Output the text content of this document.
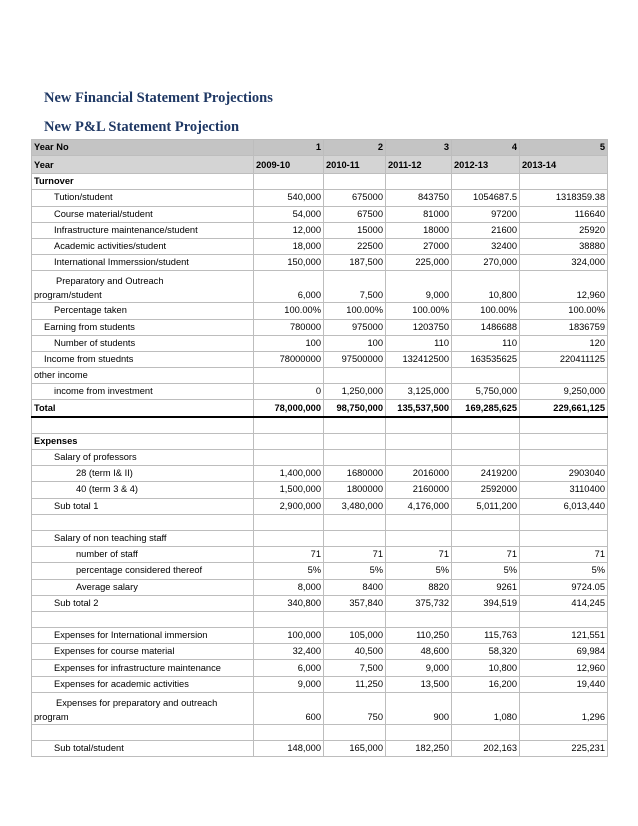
New Financial Statement Projections
New P&L Statement Projection
Year No	1	2	3	4	5
Year	2009-10	2010-11	2011-12	2012-13	2013-14
Turnover					
Tution/student	540,000	675000	843750	1054687.5	1318359.38
Course material/student	54,000	67500	81000	97200	116640
Infrastructure maintenance/student	12,000	15000	18000	21600	25920
Academic activities/student	18,000	22500	27000	32400	38880
International Immerssion/student	150,000	187,500	225,000	270,000	324,000

Preparatory and Outreach
program/student	6,000	7,500	9,000	10,800	12,960
Percentage taken	100.00%	100.00%	100.00%	100.00%	100.00%
Earning from students	780000	975000	1203750	1486688	1836759
Number of students	100	100	110	110	120
Income from stuednts	78000000	97500000	132412500	163535625	220411125
other income					
income from investment	0	1,250,000	3,125,000	5,750,000	9,250,000
Total	78,000,000	98,750,000	135,537,500	169,285,625	229,661,125

Expenses					
Salary of professors					
28 (term I& II)	1,400,000	1680000	2016000	2419200	2903040
40 (term 3 & 4)	1,500,000	1800000	2160000	2592000	3110400
Sub total 1	2,900,000	3,480,000	4,176,000	5,011,200	6,013,440

Salary of non teaching staff					
number of staff	71	71	71	71	71
percentage considered thereof	5%	5%	5%	5%	5%
Average salary	8,000	8400	8820	9261	9724.05
Sub total 2	340,800	357,840	375,732	394,519	414,245

Expenses for International immersion	100,000	105,000	110,250	115,763	121,551
Expenses for course material	32,400	40,500	48,600	58,320	69,984
Expenses for infrastructure maintenance	6,000	7,500	9,000	10,800	12,960
Expenses for academic activities	9,000	11,250	13,500	16,200	19,440

Expenses for preparatory and outreach
program	600	750	900	1,080	1,296

Sub total/student	148,000	165,000	182,250	202,163	225,231
